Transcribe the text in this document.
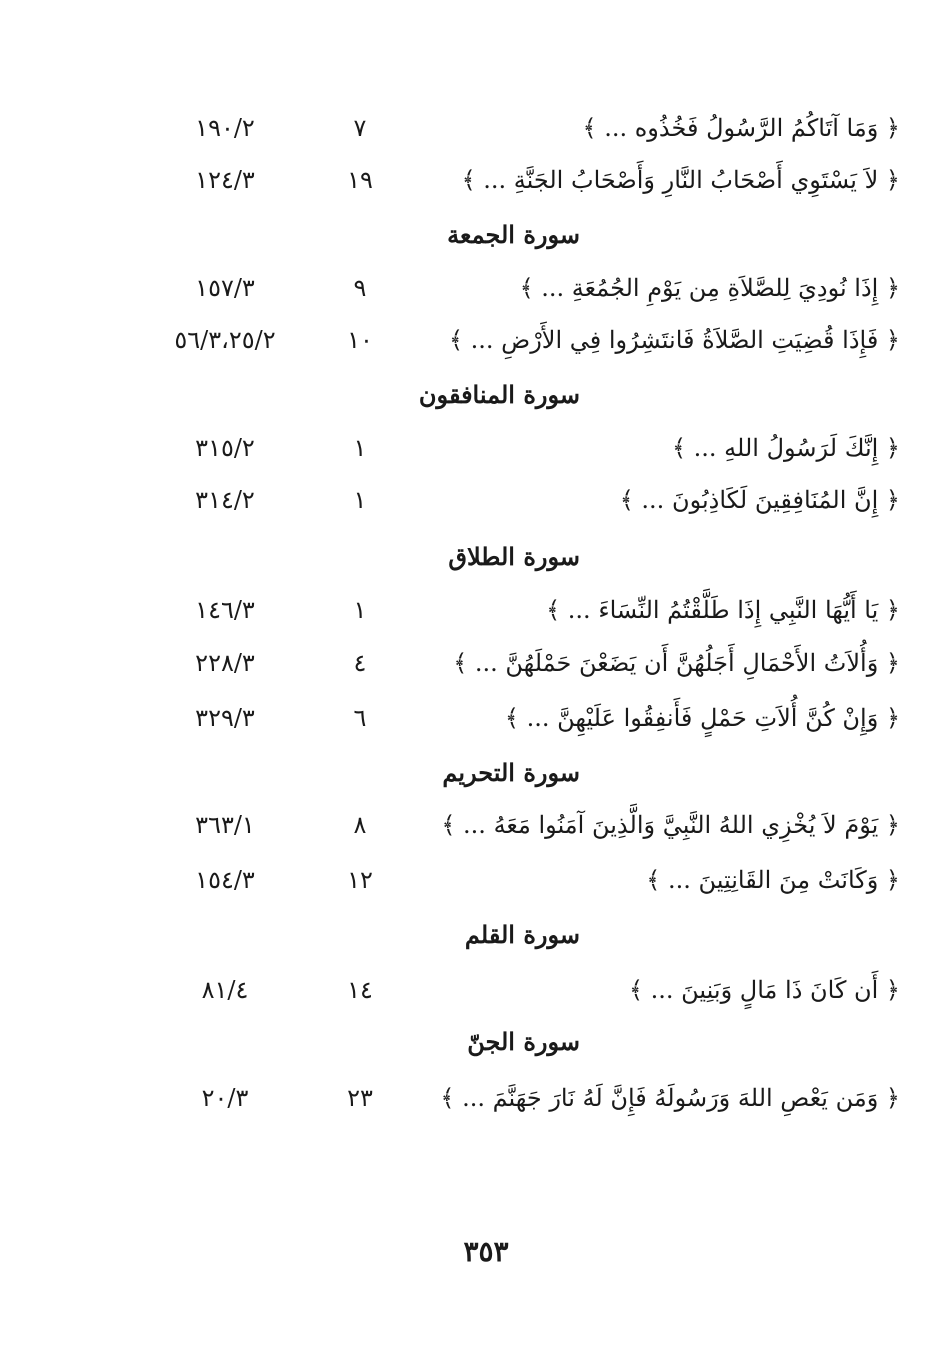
﴿ وَمَا آتَاكُمُ الرَّسُولُ فَخُذُوه ... ﴾
٧
١٩٠/٢
﴿ لاَ يَسْتَوِي أَصْحَابُ النَّارِ وَأَصْحَابُ الجَنَّةِ ... ﴾
١٩
١٢٤/٣
سورة الجمعة
﴿ إِذَا نُودِيَ لِلصَّلاَةِ مِن يَوْمِ الجُمُعَةِ ... ﴾
٩
١٥٧/٣
﴿ فَإِذَا قُضِيَتِ الصَّلاَةُ فَانتَشِرُوا فِي الأَرْضِ ... ﴾
١٠
٥٦/٣،٢٥/٢
سورة المنافقون
﴿ إِنَّكَ لَرَسُولُ اللهِ ... ﴾
١
٣١٥/٢
﴿ إِنَّ المُنَافِقِينَ لَكَاذِبُونَ ... ﴾
١
٣١٤/٢
سورة الطلاق
﴿ يَا أَيُّهَا النَّبِي إِذَا طَلَّقْتُمُ النِّسَاءَ ... ﴾
١
١٤٦/٣
﴿ وَأُلاَتُ الأَحْمَالِ أَجَلُهُنَّ أَن يَضَعْنَ حَمْلَهُنَّ ... ﴾
٤
٢٢٨/٣
﴿ وَإِنْ كُنَّ أُلاَتِ حَمْلٍ فَأَنفِقُوا عَلَيْهِنَّ ... ﴾
٦
٣٢٩/٣
سورة التحريم
﴿ يَوْمَ لاَ يُخْزِي اللهُ النَّبِيَّ وَالَّذِينَ آمَنُوا مَعَهُ ... ﴾
٨
٣٦٣/١
﴿ وَكَانَتْ مِنَ القَانِتِينَ ... ﴾
١٢
١٥٤/٣
سورة القلم
﴿ أَن كَانَ ذَا مَالٍ وَبَنِينَ ... ﴾
١٤
٨١/٤
سورة الجنّ
﴿ وَمَن يَعْصِ اللهَ وَرَسُولَهُ فَإِنَّ لَهُ نَارَ جَهَنَّمَ ... ﴾
٢٣
٢٠/٣
٣٥٣
